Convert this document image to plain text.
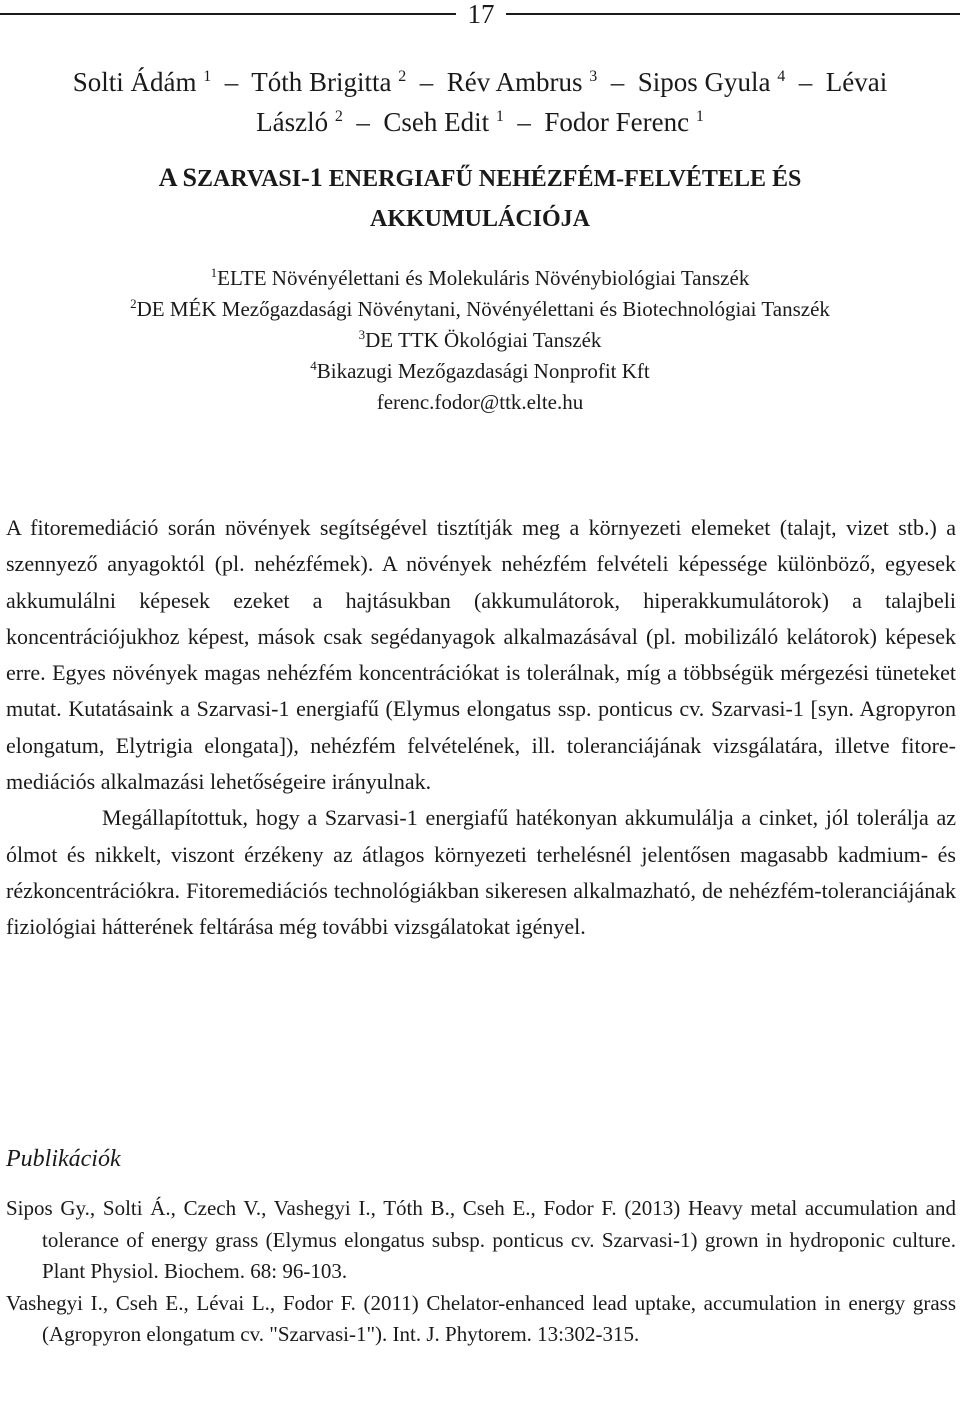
17
Solti Ádám $^1$ – Tóth Brigitta $^2$ – Rév Ambrus $^3$ – Sipos Gyula $^4$ – Lévai
László $^2$ – Cseh Edit $^1$ – Fodor Ferenc $^1$
A SZARVASI-1 ENERGIAFŰ NEHÉZFÉM-FELVÉTELE ÉS
AKKUMULÁCIÓJA
$^1$ELTE Növényélettani és Molekuláris Növénybiológiai Tanszék
$^2$DE MÉK Mezőgazdasági Növénytani, Növényélettani és Biotechnológiai Tanszék
$^3$DE TTK Ökológiai Tanszék
$^4$Bikazugi Mezőgazdasági Nonprofit Kft
ferenc.fodor@ttk.elte.hu

A fitoremediáció során növények segítségével tisztítják meg a környezeti elemeket (talajt, vizet stb.) a szennyező anyagoktól (pl. nehézfémek). A növények nehézfém felvételi képessége különböző, egyesek akkumulálni képesek ezeket a hajtásukban (akkumulátorok, hiperakkumulátorok) a talajbeli koncentrációjukhoz képest, mások csak segédanyagok alkalmazásával (pl. mobilizáló kelátorok) képesek erre. Egyes növények magas nehézfém koncentrációkat is tolerálnak, míg a többségük mérgezési tüneteket mutat. Kutatásaink a Szarvasi-1 energiafű (Elymus elongatus ssp. ponticus cv. Szarvasi-1 [syn. Agropyron elongatum, Elytrigia elongata]), nehézfém felvételének, ill. toleranciájának vizsgálatára, illetve fitore-mediációs alkalmazási lehetőségeire irányulnak.

Megállapítottuk, hogy a Szarvasi-1 energiafű hatékonyan akkumulálja a cinket, jól tolerálja az ólmot és nikkelt, viszont érzékeny az átlagos környezeti terhelésnél jelentősen magasabb kadmium- és rézkoncentrációkra. Fitoremediációs technológiákban sikeresen alkalmazható, de nehézfém-toleranciájának fiziológiai hátterének feltárása még további vizsgálatokat igényel.

Publikációk

Sipos Gy., Solti Á., Czech V., Vashegyi I., Tóth B., Cseh E., Fodor F. (2013) Heavy metal accumulation and tolerance of energy grass (Elymus elongatus subsp. ponticus cv. Szarvasi-1) grown in hydroponic culture. Plant Physiol. Biochem. 68: 96-103.

Vashegyi I., Cseh E., Lévai L., Fodor F. (2011) Chelator-enhanced lead uptake, accumulation in energy grass (Agropyron elongatum cv. "Szarvasi-1"). Int. J. Phytorem. 13:302-315.
